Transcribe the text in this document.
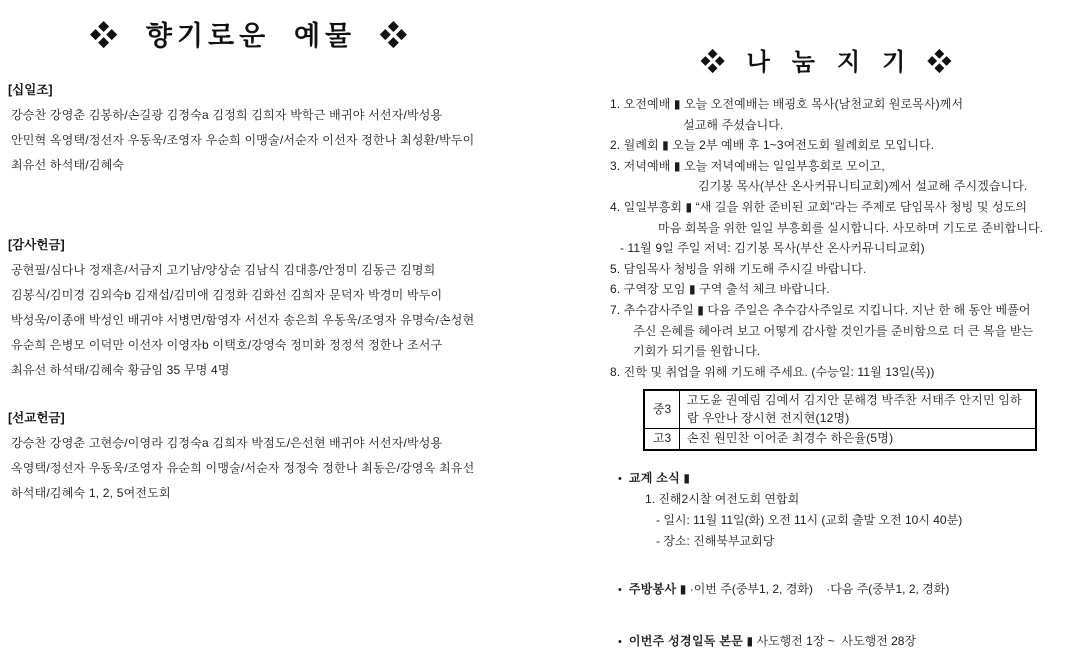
❖ 향기로운 예물 ❖
[십일조]
강승찬 강영춘 김봉하/손길광 김정숙a 김정희 김희자 박학근 배귀야 서선자/박성용
안민혁 옥영택/정선자 우동욱/조영자 우순희 이맹술/서순자 이선자 정한나 최성환/박두이
최유선 하석태/김혜숙
[감사헌금]
공현필/심다나 정재흔/서금지 고기남/양상순 김남식 김대흥/안정미 김동근 김명희
김봉식/김미경 김외숙b 김재섭/김미애 김정화 김화선 김희자 문덕자 박경미 박두이
박성욱/이종애 박성인 배귀야 서병면/함영자 서선자 송은희 우동욱/조영자 유명숙/손성현
유순희 은병모 이덕만 이선자 이영자b 이택호/강영숙 정미화 정정석 정한나 조서구
최유선 하석태/김혜숙 황금임 35 무명 4명
[선교헌금]
강승찬 강영춘 고현승/이영라 김정숙a 김희자 박점도/은선현 배귀야 서선자/박성용
옥영택/정선자 우동욱/조영자 유순희 이맹술/서순자 정정숙 정한나 최동은/강영옥 최유선
하석태/김혜숙 1, 2, 5여전도회
❖ 나 눔 지 기 ❖
1. 오전예배 ▮ 오늘 오전예배는 배굉호 목사(남천교회 원로목사)께서
설교해 주셨습니다.
2. 월례회 ▮ 오늘 2부 예배 후 1~3여전도회 월례회로 모입니다.
3. 저녁예배 ▮ 오늘 저녁예배는 일일부흥회로 모이고,
김기봉 목사(부산 온사커뮤니티교회)께서 설교해 주시겠습니다.
4. 일일부흥회 ▮ “새 길을 위한 준비된 교회”라는 주제로 담임목사 청빙 및 성도의
마음 회복을 위한 일일 부흥회를 실시합니다. 사모하며 기도로 준비합니다.
- 11월 9일 주일 저녁: 김기봉 목사(부산 온사커뮤니티교회)
5. 담임목사 청빙을 위해 기도해 주시길 바랍니다.
6. 구역장 모임 ▮ 구역 출석 체크 바랍니다.
7. 추수감사주일 ▮ 다음 주일은 추수감사주일로 지킵니다. 지난 한 해 동안 베풀어
주신 은혜를 헤아려 보고 어떻게 감사할 것인가를 준비함으로 더 큰 복을 받는
기회가 되기를 원합니다.
8. 진학 및 취업을 위해 기도해 주세요. (수능일: 11월 13일(목))
중3	고도윤 권예림 김예서 김지안 문해경 박주찬 서태주 안지민 임하람 우안나 장시현 전지현(12명)
고3	손진 원민찬 이어준 최경수 하은율(5명)
• 교계 소식 ▮
1. 진해2시찰 여전도회 연합회
- 일시: 11월 11일(화) 오전 11시 (교회 출발 오전 10시 40분)
- 장소: 진해북부교회당
• 주방봉사 ▮ ·이번 주(중부1, 2, 경화)    ·다음 주(중부1, 2, 경화)
• 이번주 성경일독 본문 ▮ 사도행전 1장 ~  사도행전 28장
